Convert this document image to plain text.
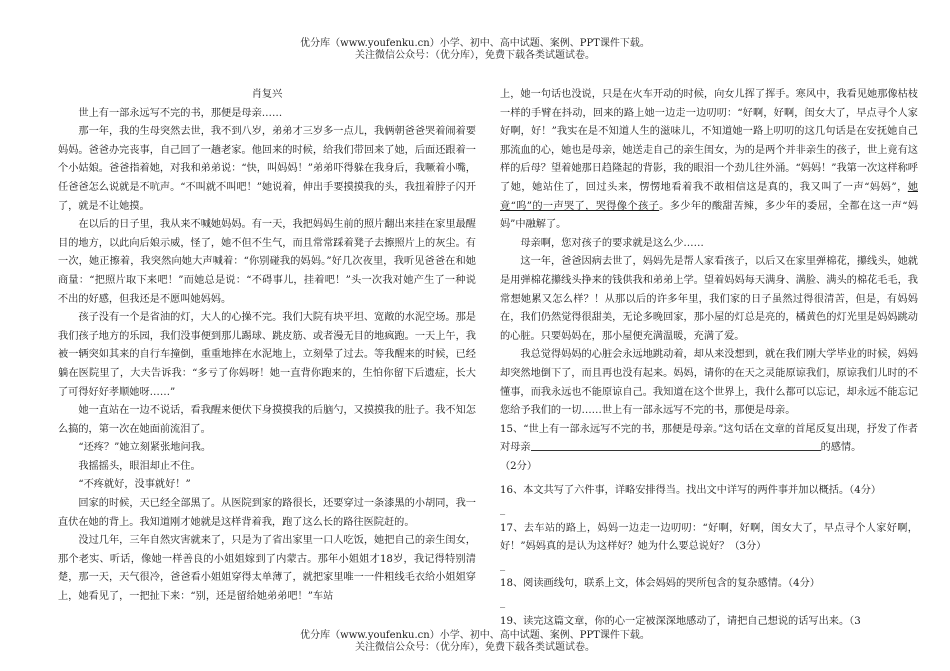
优分库（www.youfenku.cn）小学、初中、高中试题、案例、PPT课件下载。
关注微信公众号：（优分库），免费下载各类试题试卷。
肖复兴

世上有一部永远写不完的书，那便是母亲……

那一年，我的生母突然去世，我不到八岁，弟弟才三岁多一点儿，我俩朝爸爸哭着闹着要妈妈。爸爸办完丧事，自己回了一趟老家。他回来的时候，给我们带回来了她，后面还跟着一个小姑娘。爸爸指着她，对我和弟弟说：“快，叫妈妈！”弟弟吓得躲在我身后，我噘着小嘴，任爸爸怎么说就是不吭声。“不叫就不叫吧！”她说着，伸出手要摸摸我的头，我扭着脖子闪开了，就是不让她摸。

在以后的日子里，我从来不喊她妈妈。有一天，我把妈妈生前的照片翻出来挂在家里最醒目的地方，以此向后娘示威，怪了，她不但不生气，而且常常踩着凳子去擦照片上的灰尘。有一次，她正擦着，我突然向她大声喊着：“你别碰我的妈妈。”好几次夜里，我听见爸爸在和她商量：“把照片取下来吧！”而她总是说：“不碍事儿，挂着吧！”头一次我对她产生了一种说不出的好感，但我还是不愿叫她妈妈。

孩子没有一个是省油的灯，大人的心操不完。我们大院有块平坦、宽敞的水泥空场。那是我们孩子地方的乐园，我们没事便到那儿踢球、跳皮筋、或者漫无目的地疯跑。一天上午，我被一辆突如其来的自行车撞倒，重重地摔在水泥地上，立刻晕了过去。等我醒来的时候，已经躺在医院里了，大夫告诉我：“多亏了你妈呀！她一直背你跑来的，生怕你留下后遗症，长大了可得好好孝顺她呀……”

她一直站在一边不说话，看我醒来便伏下身摸摸我的后脑勺，又摸摸我的肚子。我不知怎么搞的，第一次在她面前流泪了。

“还疼？”她立刻紧张地问我。

我摇摇头，眼泪却止不住。

“不疼就好，没事就好！”

回家的时候，天已经全部黑了。从医院到家的路很长，还要穿过一条漆黑的小胡同，我一直伏在她的背上。我知道刚才她就是这样背着我，跑了这么长的路往医院赶的。

没过几年，三年自然灾害就来了，只是为了省出家里一口人吃饭，她把自己的亲生闺女，那个老实、听话，像她一样善良的小姐姐嫁到了内蒙古。那年小姐姐才18岁，我记得特别清楚，那一天，天气很冷，爸爸看小姐姐穿得太单薄了，就把家里唯一一件粗线毛衣给小姐姐穿上，她看见了，一把扯下来：“别，还是留给她弟弟吧！”车站

上，她一句话也没说，只是在火车开动的时候，向女儿挥了挥手。寒风中，我看见她那像枯枝一样的手臂在抖动，回来的路上她一边走一边叨叨：“好啊，好啊，闺女大了，早点寻个人家好啊，好！”我实在是不知道人生的滋味儿，不知道她一路上叨叨的这几句话是在安抚她自己那流血的心，她也是母亲，她送走自己的亲生闺女，为的是两个并非亲生的孩子，世上竟有这样的后母？望着她那日趋隆起的背影，我的眼泪一个劲儿往外涌。“妈妈！”我第一次这样称呼了她，她站住了，回过头来，愣愣地看着我不敢相信这是真的，我又叫了一声“妈妈”，她竟“呜”的一声哭了，哭得像个孩子。多少年的酸甜苦辣，多少年的委屈，全都在这一声“妈妈”中融解了。

母亲啊，您对孩子的要求就是这么少……

这一年，爸爸因病去世了，妈妈先是帮人家看孩子，以后又在家里弹棉花，攥线头，她就是用弹棉花攥线头挣来的钱供我和弟弟上学。望着妈妈每天满身、满脸、满头的棉花毛毛，我常想她累又怎么样？！从那以后的许多年里，我们家的日子虽然过得很清苦，但是，有妈妈在，我们仍然觉得很甜美，无论多晚回家，那小屋的灯总是亮的，橘黄色的灯光里是妈妈跳动的心脏。只要妈妈在，那小屋便充满温暖，充满了爱。

我总觉得妈妈的心脏会永远地跳动着，却从来没想到，就在我们刚大学毕业的时候，妈妈却突然地倒下了，而且再也没有起来。妈妈，请你的在天之灵能原谅我们，原谅我们儿时的不懂事，而我永远也不能原谅自己。我知道在这个世界上，我什么都可以忘记，却永远不能忘记您给予我们的一切……世上有一部永远写不完的书，那便是母亲。

15、“世上有一部永远写不完的书，那便是母亲。”这句话在文章的首尾反复出现，抒发了作者对母亲	的感情。

（2分）

16、本文共写了六件事，详略安排得当。找出文中详写的两件事并加以概括。（4分）

_

17、去车站的路上，妈妈一边走一边叨叨：“好啊，好啊，闺女大了，早点寻个人家好啊，好！”妈妈真的是认为这样好？她为什么要总说好？（3分）

_

18、阅读画线句，联系上文，体会妈妈的哭所包含的复杂感情。（4分）

_

19、读完这篇文章，你的心一定被深深地感动了，请把自己想说的话写出来。（3

优分库（www.youfenku.cn）小学、初中、高中试题、案例、PPT课件下载。
关注微信公众号：（优分库），免费下载各类试题试卷。
